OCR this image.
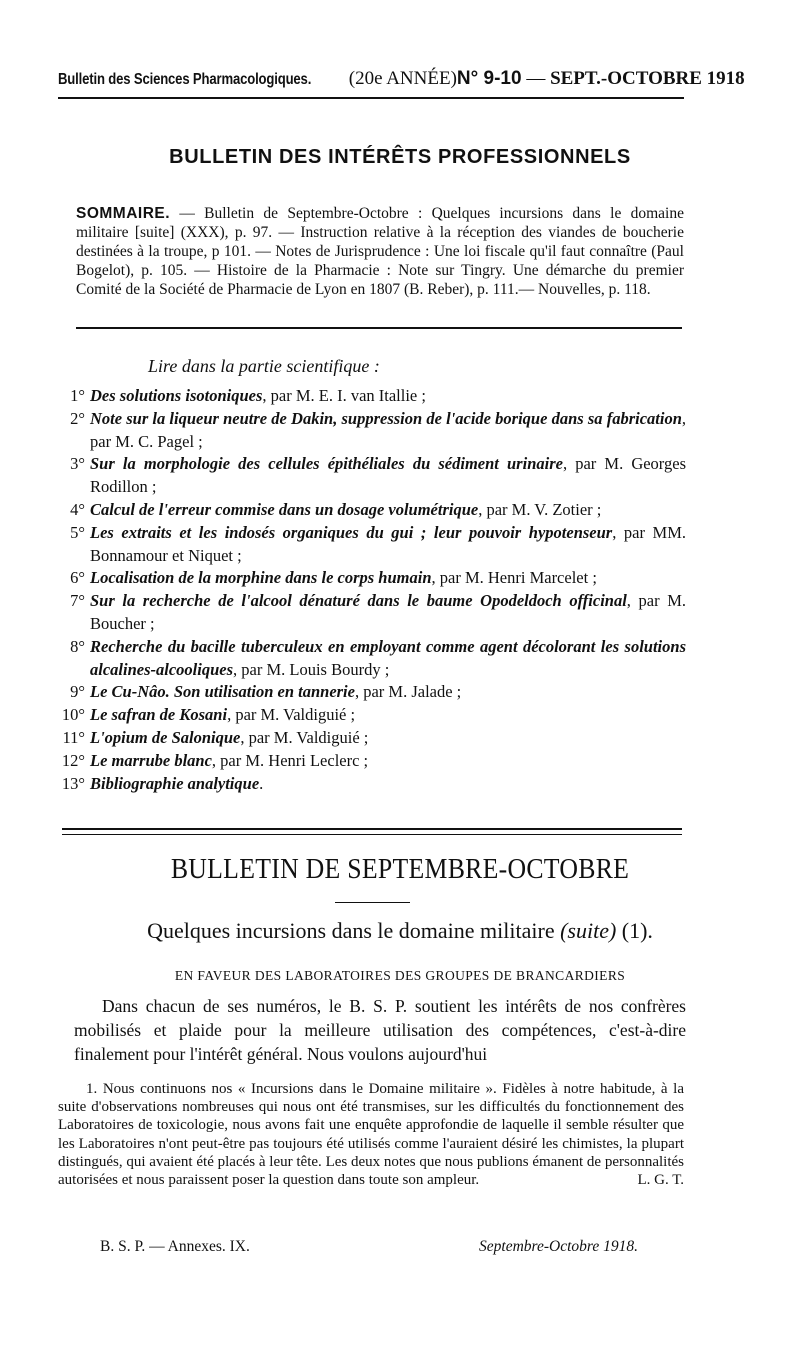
Bulletin des Sciences Pharmacologiques. (20e ANNÉE) N° 9-10 — SEPT.-OCTOBRE 1918
BULLETIN DES INTÉRÊTS PROFESSIONNELS
SOMMAIRE. — Bulletin de Septembre-Octobre : Quelques incursions dans le domaine militaire [suite] (XXX), p. 97. — Instruction relative à la réception des viandes de boucherie destinées à la troupe, p 101. — Notes de Jurisprudence : Une loi fiscale qu'il faut connaître (Paul Bogelot), p. 105. — Histoire de la Pharmacie : Note sur Tingry. Une démarche du premier Comité de la Société de Pharmacie de Lyon en 1807 (B. Reber), p. 111.— Nouvelles, p. 118.
Lire dans la partie scientifique :
1° Des solutions isotoniques, par M. E. I. van Itallie ;
2° Note sur la liqueur neutre de Dakin, suppression de l'acide borique dans sa fabrication, par M. C. Pagel ;
3° Sur la morphologie des cellules épithéliales du sédiment urinaire, par M. Georges Rodillon ;
4° Calcul de l'erreur commise dans un dosage volumétrique, par M. V. Zotier ;
5° Les extraits et les indosés organiques du gui ; leur pouvoir hypotenseur, par MM. Bonnamour et Niquet ;
6° Localisation de la morphine dans le corps humain, par M. Henri Marcelet ;
7° Sur la recherche de l'alcool dénaturé dans le baume Opodeldoch officinal, par M. Boucher ;
8° Recherche du bacille tuberculeux en employant comme agent décolorant les solutions alcalines-alcooliques, par M. Louis Bourdy ;
9° Le Cu-Nâo. Son utilisation en tannerie, par M. Jalade ;
10° Le safran de Kosani, par M. Valdiguié ;
11° L'opium de Salonique, par M. Valdiguié ;
12° Le marrube blanc, par M. Henri Leclerc ;
13° Bibliographie analytique.
BULLETIN DE SEPTEMBRE-OCTOBRE
Quelques incursions dans le domaine militaire (suite) (1).
EN FAVEUR DES LABORATOIRES DES GROUPES DE BRANCARDIERS
Dans chacun de ses numéros, le B. S. P. soutient les intérêts de nos confrères mobilisés et plaide pour la meilleure utilisation des compétences, c'est-à-dire finalement pour l'intérêt général. Nous voulons aujourd'hui
1. Nous continuons nos « Incursions dans le Domaine militaire ». Fidèles à notre habitude, à la suite d'observations nombreuses qui nous ont été transmises, sur les difficultés du fonctionnement des Laboratoires de toxicologie, nous avons fait une enquête approfondie de laquelle il semble résulter que les Laboratoires n'ont peut-être pas toujours été utilisés comme l'auraient désiré les chimistes, la plupart distingués, qui avaient été placés à leur tête. Les deux notes que nous publions émanent de personnalités autorisées et nous paraissent poser la question dans toute son ampleur.	L. G. T.
B. S. P. — Annexes. IX.	Septembre-Octobre 1918.
